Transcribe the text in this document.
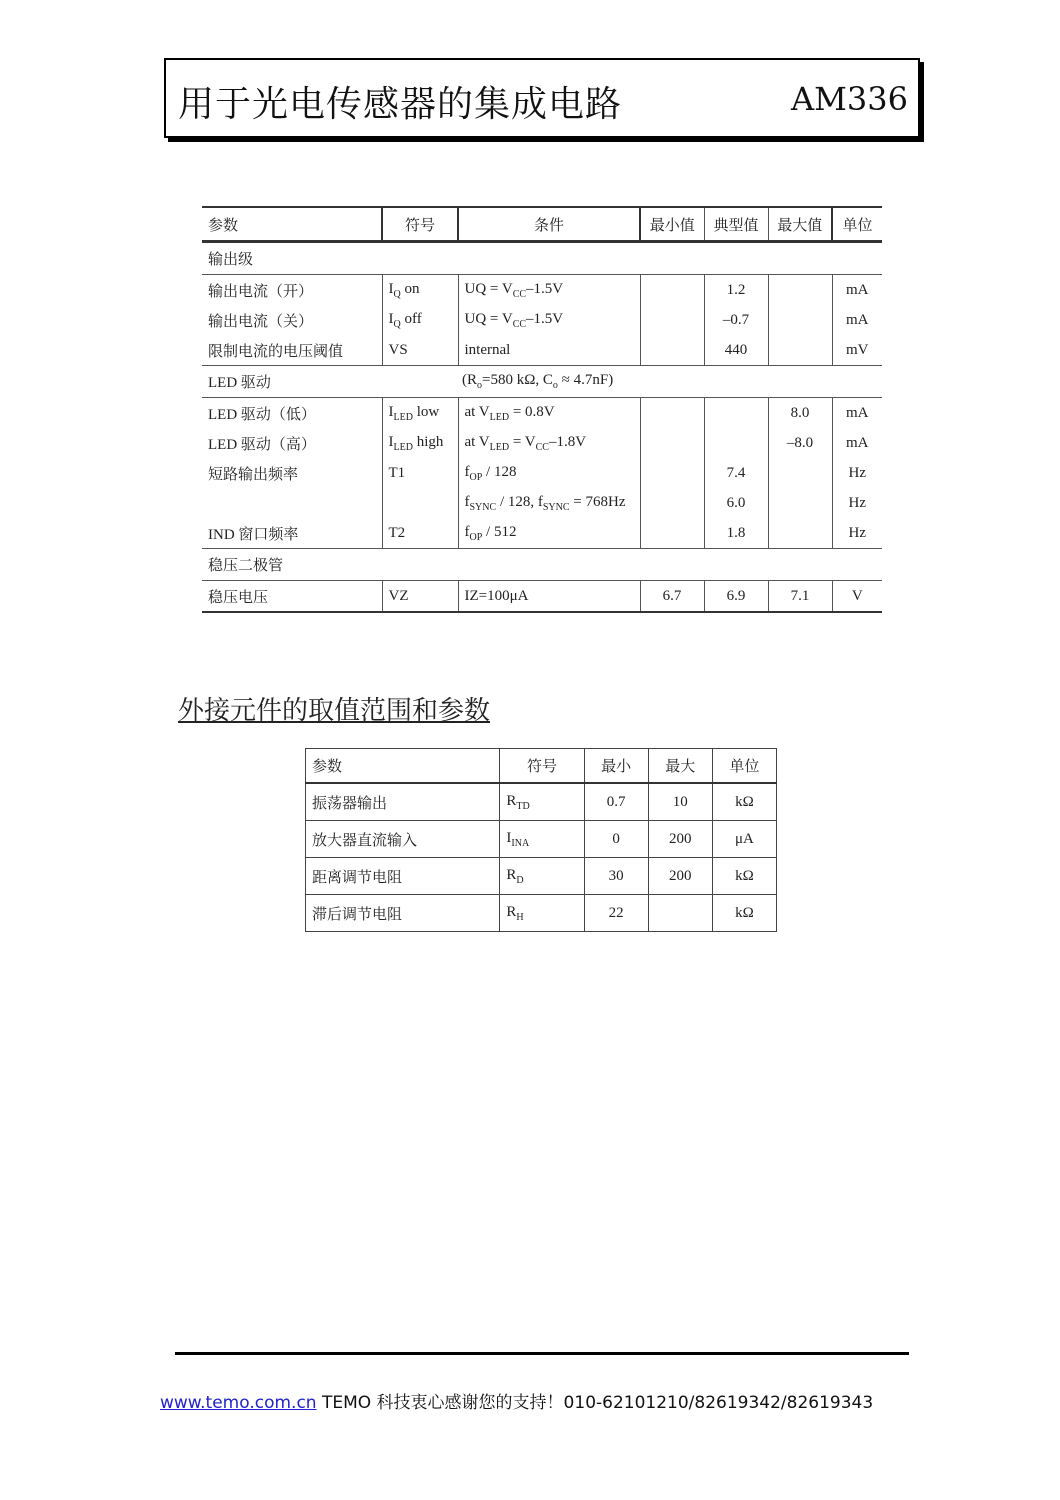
用于光电传感器的集成电路	AM336
参数	符号	条件	最小值	典型值	最大值	单位
输出级						
输出电流（开）	$I_Q$ on	UQ = $V_{CC}-1.5V$		1.2		mA
输出电流（关）	$I_Q$ off	UQ = $V_{CC}-1.5V$		–0.7		mA
限制电流的电压阈值	VS	internal		440		mV
LED 驱动		($R_o=580$ kΩ, $C_o \approx 4.7nF$)				
LED 驱动（低）	$I_{LED}$ low	at $V_{LED} = 0.8V$			8.0	mA
LED 驱动（高）	$I_{LED}$ high	at $V_{LED} = V_{CC}-1.8V$			–8.0	mA
短路输出频率	T1	$f_{OP} / 128$		7.4		Hz
		$f_{SYNC} / 128$, $f_{SYNC} = 768Hz$		6.0		Hz
IND 窗口频率	T2	$f_{OP} / 512$		1.8		Hz
稳压二极管						
稳压电压	VZ	IZ=100μA	6.7	6.9	7.1	V
外接元件的取值范围和参数
参数	符号	最小	最大	单位
振荡器输出	$R_{TD}$	0.7	10	kΩ
放大器直流输入	$I_{INA}$	0	200	μA
距离调节电阻	$R_D$	30	200	kΩ
滞后调节电阻	$R_H$	22		kΩ
www.temo.com.cn TEMO 科技衷心感谢您的支持！010-62101210/82619342/82619343
